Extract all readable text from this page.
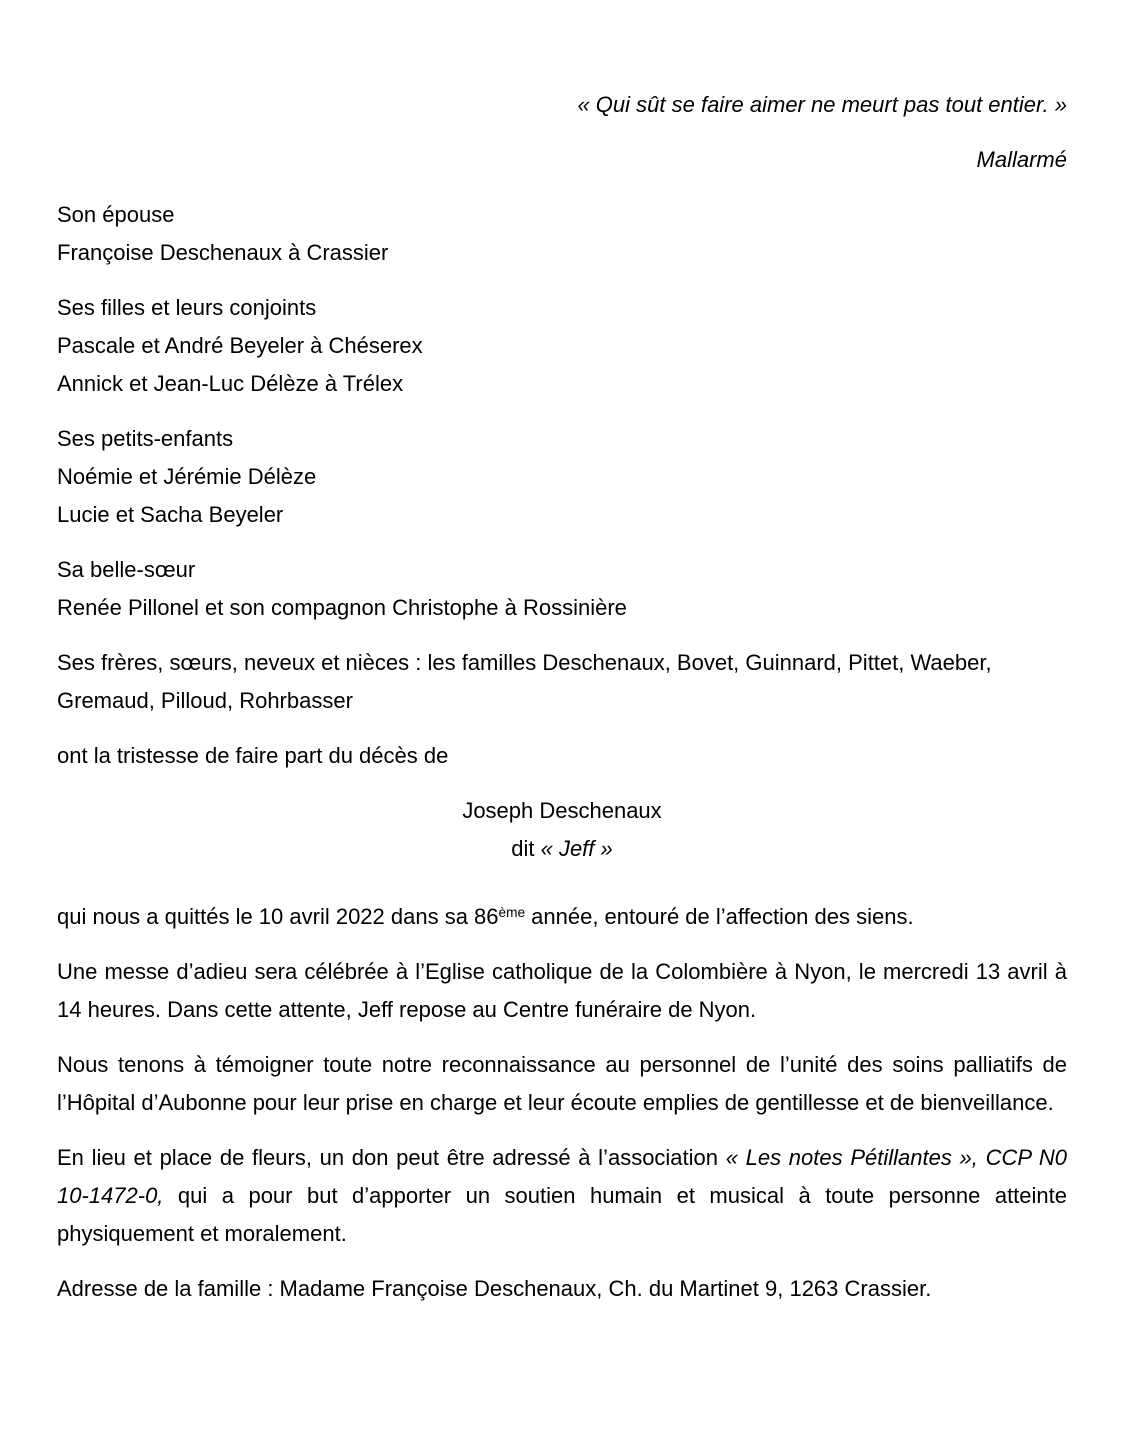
« Qui sût se faire aimer ne meurt pas tout entier. »

Mallarmé

Son épouse
Françoise Deschenaux à Crassier
Ses filles et leurs conjoints
Pascale et André Beyeler à Chéserex
Annick et Jean-Luc Délèze à Trélex
Ses petits-enfants
Noémie et Jérémie Délèze
Lucie et Sacha Beyeler
Sa belle-sœur
Renée Pillonel et son compagnon Christophe à Rossinière

Ses frères, sœurs, neveux et nièces : les familles Deschenaux, Bovet, Guinnard, Pittet, Waeber, Gremaud, Pilloud, Rohrbasser

ont la tristesse de faire part du décès de

Joseph Deschenaux
dit « Jeff »

qui nous a quittés le 10 avril 2022 dans sa 86ème année, entouré de l’affection des siens.

Une messe d’adieu sera célébrée à l’Eglise catholique de la Colombière à Nyon, le mercredi 13 avril à 14 heures. Dans cette attente, Jeff repose au Centre funéraire de Nyon.

Nous tenons à témoigner toute notre reconnaissance au personnel de l’unité des soins palliatifs de l’Hôpital d’Aubonne pour leur prise en charge et leur écoute emplies de gentillesse et de bienveillance.

En lieu et place de fleurs, un don peut être adressé à l’association « Les notes Pétillantes », CCP N0 10-1472-0, qui a pour but d’apporter un soutien humain et musical à toute personne atteinte physiquement et moralement.

Adresse de la famille : Madame Françoise Deschenaux, Ch. du Martinet 9, 1263 Crassier.
